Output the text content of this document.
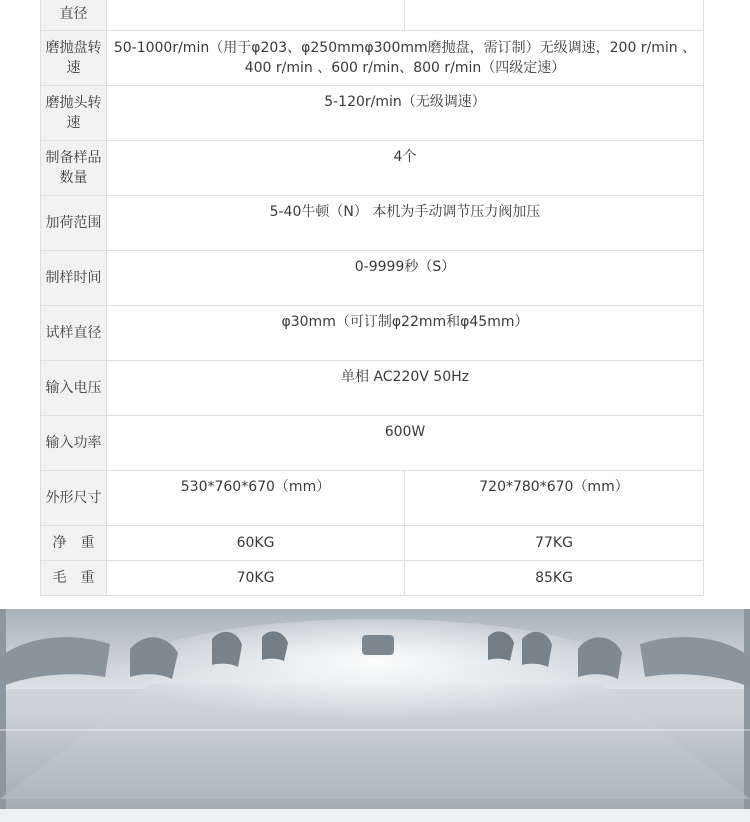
直径		
磨抛盘转速	50-1000r/min（用于φ203、φ250mmφ300mm磨抛盘，需订制）无级调速，200 r/min 、400 r/min 、600 r/min、800 r/min（四级定速）	
磨抛头转速	5-120r/min（无级调速）	
制备样品数量	4个	
加荷范围	5-40牛顿（N） 本机为手动调节压力阀加压	
制样时间	0-9999秒（S）	
试样直径	φ30mm（可订制φ22mm和φ45mm）	
输入电压	单相 AC220V 50Hz	
输入功率	600W	
外形尺寸	530*760*670（mm）	720*780*670（mm）
净　重	60KG	77KG
毛　重	70KG	85KG
